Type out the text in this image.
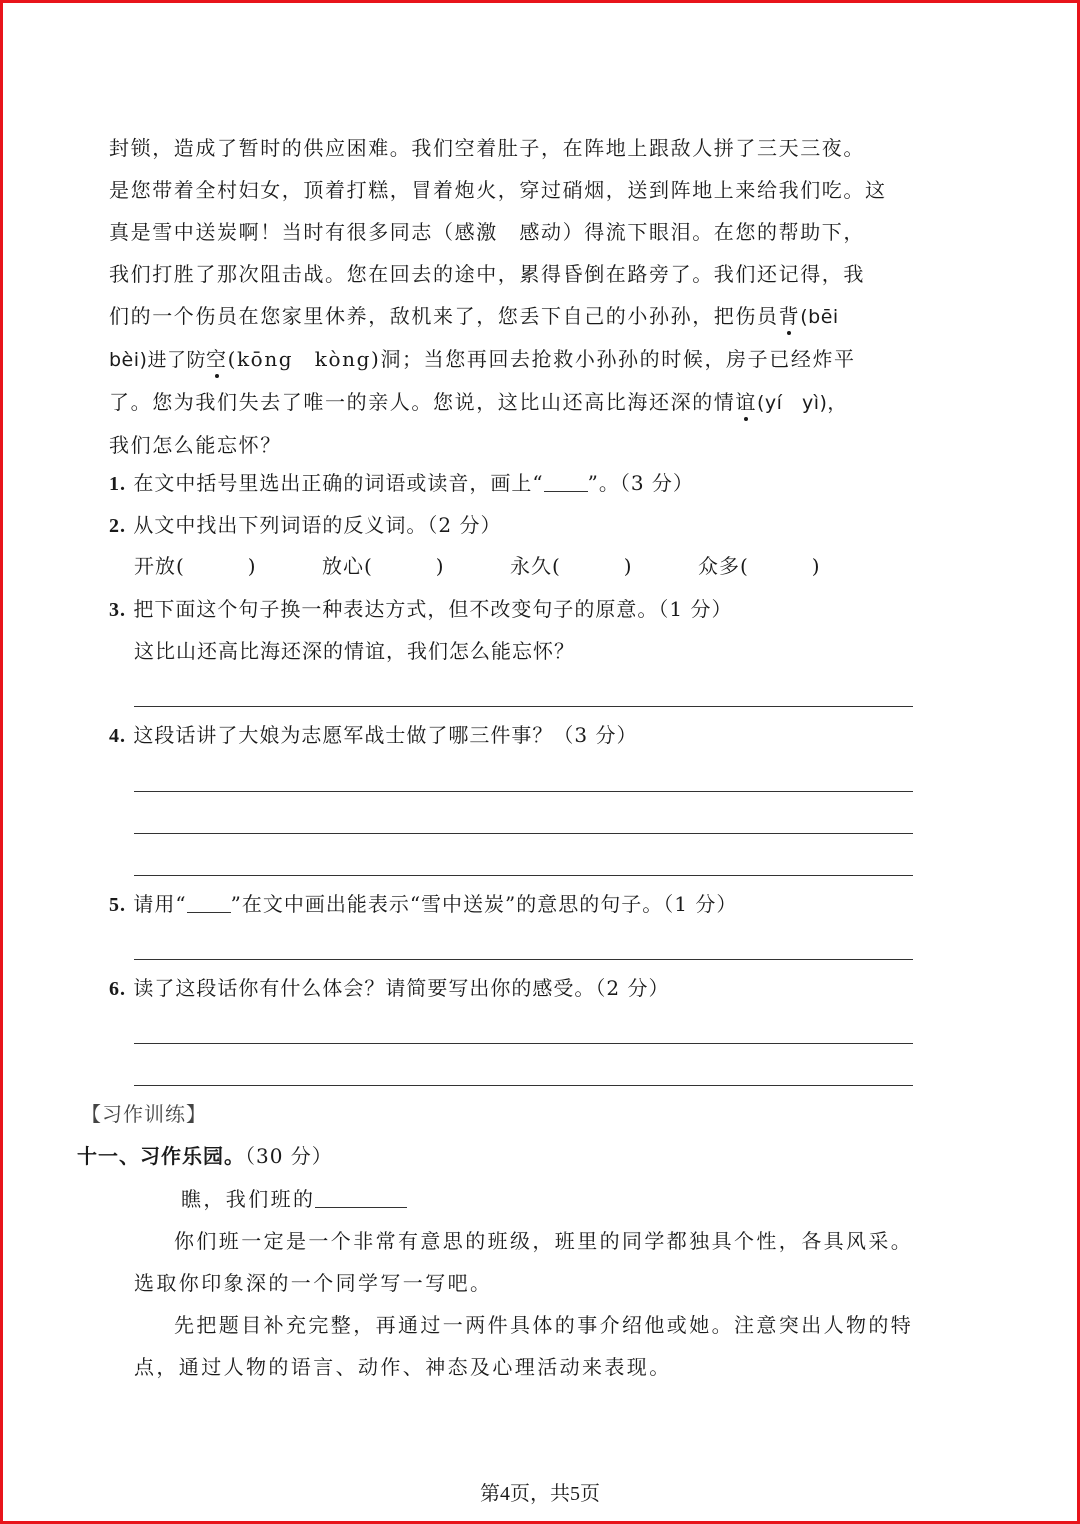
封锁，造成了暂时的供应困难。我们空着肚子，在阵地上跟敌人拼了三天三夜。

是您带着全村妇女，顶着打糕，冒着炮火，穿过硝烟，送到阵地上来给我们吃。这

真是雪中送炭啊！当时有很多同志（感激　感动）得流下眼泪。在您的帮助下，

我们打胜了那次阻击战。您在回去的途中，累得昏倒在路旁了。我们还记得，我

们的一个伤员在您家里休养，敌机来了，您丢下自己的小孙孙，把伤员背(bēi

bèi)进了防空(kōng　kòng)洞；当您再回去抢救小孙孙的时候，房子已经炸平

了。您为我们失去了唯一的亲人。您说，这比山还高比海还深的情谊(yí　yì)，

我们怎么能忘怀？

1. 在文中括号里选出正确的词语或读音，画上“ ”。（3 分）
2. 从文中找出下列词语的反义词。（2 分）
开放(　　　)	放心(　　　)	永久(　　　)	众多(　　　)
3. 把下面这个句子换一种表达方式，但不改变句子的原意。（1 分）
这比山还高比海还深的情谊，我们怎么能忘怀？
4. 这段话讲了大娘为志愿军战士做了哪三件事？（3 分）
5. 请用“ ”在文中画出能表示“雪中送炭”的意思的句子。（1 分）
6. 读了这段话你有什么体会？请简要写出你的感受。（2 分）
【习作训练】
十一、习作乐园。（30 分）
瞧，我们班的

你们班一定是一个非常有意思的班级，班里的同学都独具个性，各具风采。选取你印象深的一个同学写一写吧。

先把题目补充完整，再通过一两件具体的事介绍他或她。注意突出人物的特点，通过人物的语言、动作、神态及心理活动来表现。

第4页，共5页
